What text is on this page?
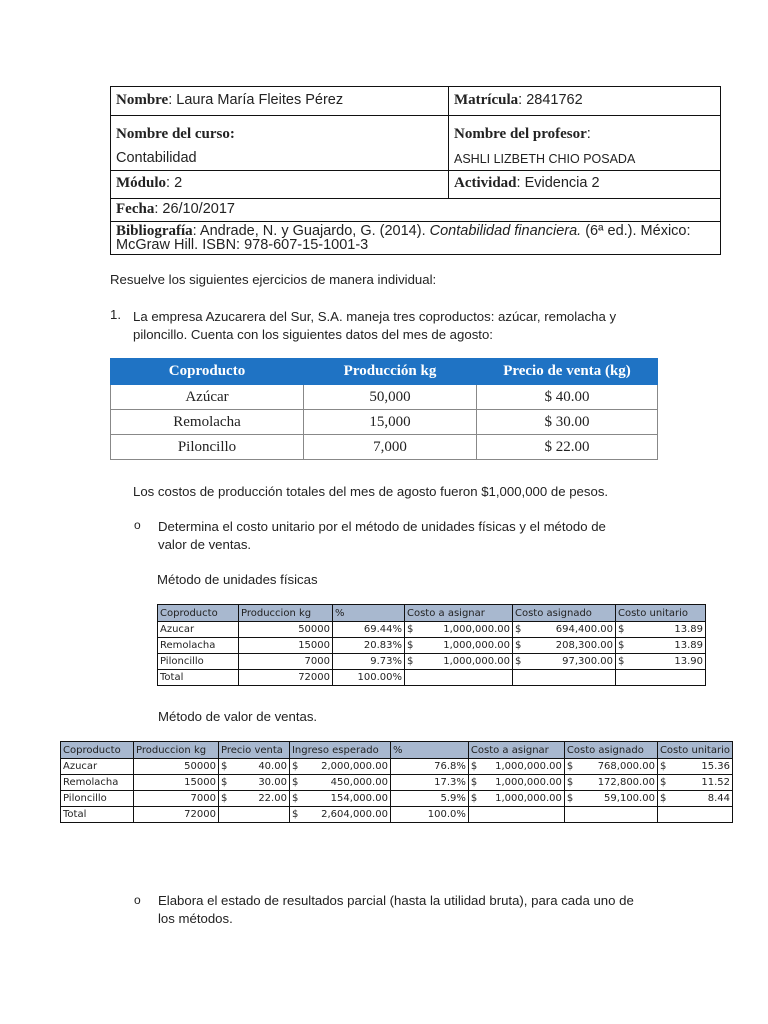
Nombre: Laura María Fleites Pérez	Matrícula: 2841762
Nombre del curso:
Contabilidad
Nombre del profesor:
ASHLI LIZBETH CHIO POSADA
Módulo: 2	Actividad: Evidencia 2
Fecha: 26/10/2017
Bibliografía: Andrade, N. y Guajardo, G. (2014). Contabilidad financiera. (6ª ed.). México: McGraw Hill. ISBN: 978-607-15-1001-3

Resuelve los siguientes ejercicios de manera individual:

1. La empresa Azucarera del Sur, S.A. maneja tres coproductos: azúcar, remolacha y

piloncillo. Cuenta con los siguientes datos del mes de agosto:

Coproducto	Producción kg	Precio de venta (kg)
Azúcar	50,000	$ 40.00
Remolacha	15,000	$ 30.00
Piloncillo	7,000	$ 22.00

Los costos de producción totales del mes de agosto fueron $1,000,000 de pesos.

o Determina el costo unitario por el método de unidades físicas y el método de

valor de ventas.

Método de unidades físicas

Coproducto	Produccion kg	%	Costo a asignar	Costo asignado	Costo unitario
Azucar	50000	69.44%	$ 1,000,000.00	$ 694,400.00	$ 13.89

Remolacha	15000	20.83%	$ 1,000,000.00	$ 208,300.00	$ 13.89

Piloncillo	7000	9.73%	$ 1,000,000.00	$ 97,300.00	$ 13.90

Total	72000	100.00%			

Método de valor de ventas.

Coproducto	Produccion kg	Precio venta	Ingreso esperado	%	Costo a asignar	Costo asignado	Costo unitario
Azucar	50000	$ 40.00	$ 2,000,000.00	76.8%	$ 1,000,000.00	$ 768,000.00	$ 15.36

Remolacha	15000	$ 30.00	$ 450,000.00	17.3%	$ 1,000,000.00	$ 172,800.00	$ 11.52

Piloncillo	7000	$ 22.00	$ 154,000.00	5.9%	$ 1,000,000.00	$ 59,100.00	$ 8.44

Total	72000		$ 2,604,000.00	100.0%			
o Elabora el estado de resultados parcial (hasta la utilidad bruta), para cada uno de

los métodos.
